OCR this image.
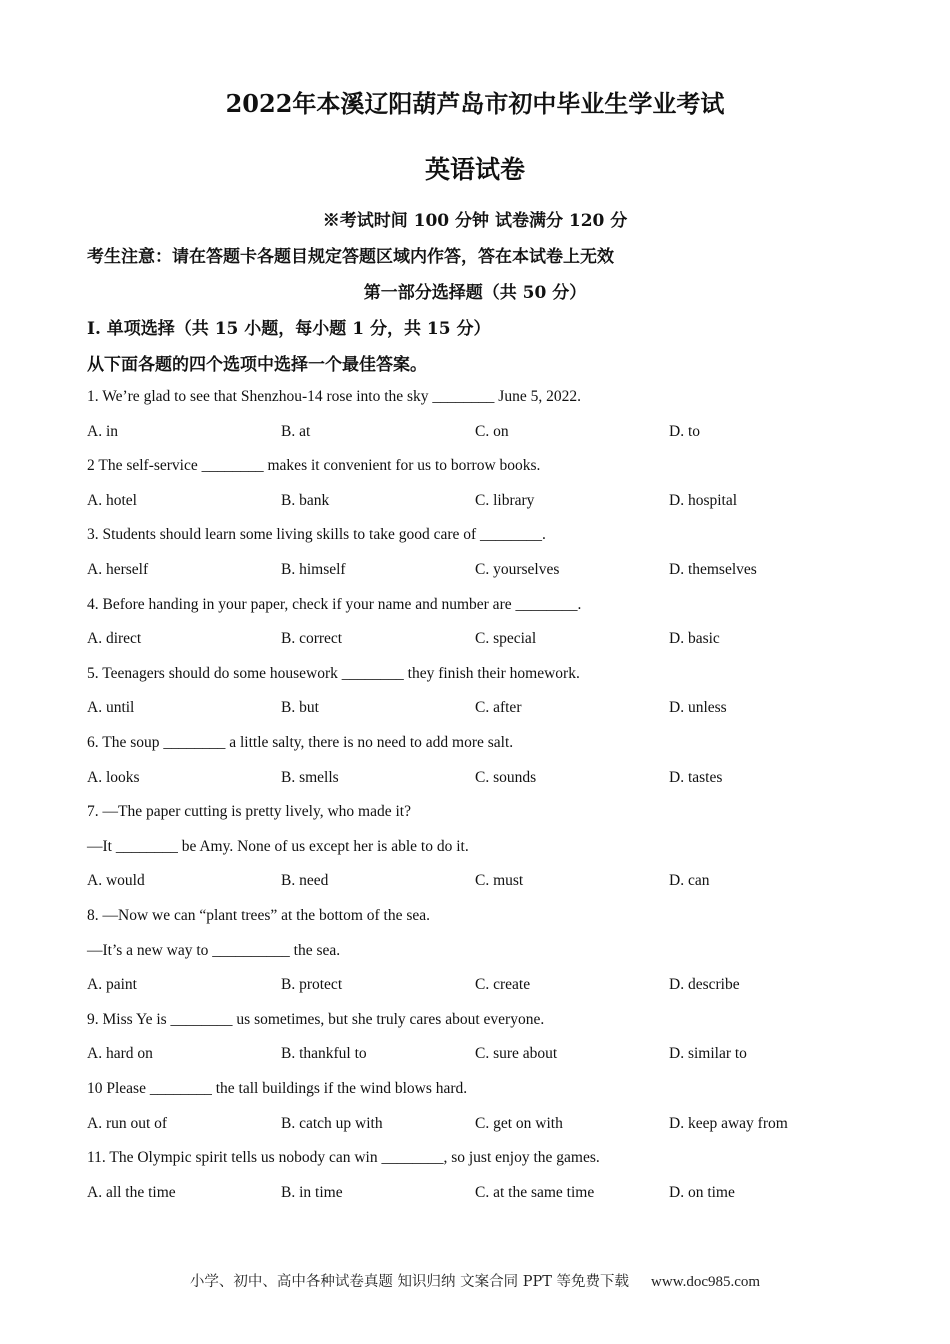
2022年本溪辽阳葫芦岛市初中毕业生学业考试
英语试卷
※考试时间 100 分钟 试卷满分 120 分
考生注意：请在答题卡各题目规定答题区域内作答，答在本试卷上无效
第一部分选择题（共 50 分）
I. 单项选择（共 15 小题，每小题 1 分，共 15 分）
从下面各题的四个选项中选择一个最佳答案。
1. We’re glad to see that Shenzhou-14 rose into the sky ________ June 5, 2022.
A. in	B. at	C. on	D. to
2 The self-service ________ makes it convenient for us to borrow books.
A. hotel	B. bank	C. library	D. hospital
3. Students should learn some living skills to take good care of ________.
A. herself	B. himself	C. yourselves	D. themselves
4. Before handing in your paper, check if your name and number are ________.
A. direct	B. correct	C. special	D. basic
5. Teenagers should do some housework ________ they finish their homework.
A. until	B. but	C. after	D. unless
6. The soup ________ a little salty, there is no need to add more salt.
A. looks	B. smells	C. sounds	D. tastes
7. —The paper cutting is pretty lively, who made it?
—It ________ be Amy. None of us except her is able to do it.
A. would	B. need	C. must	D. can
8. —Now we can “plant trees” at the bottom of the sea.
—It’s a new way to __________ the sea.
A. paint	B. protect	C. create	D. describe
9. Miss Ye is ________ us sometimes, but she truly cares about everyone.
A. hard on	B. thankful to	C. sure about	D. similar to
10 Please ________ the tall buildings if the wind blows hard.
A. run out of	B. catch up with	C. get on with	D. keep away from
11. The Olympic spirit tells us nobody can win ________, so just enjoy the games.
A. all the time	B. in time	C. at the same time	D. on time
小学、初中、高中各种试卷真题 知识归纳 文案合同 PPT 等免费下载 www.doc985.com
